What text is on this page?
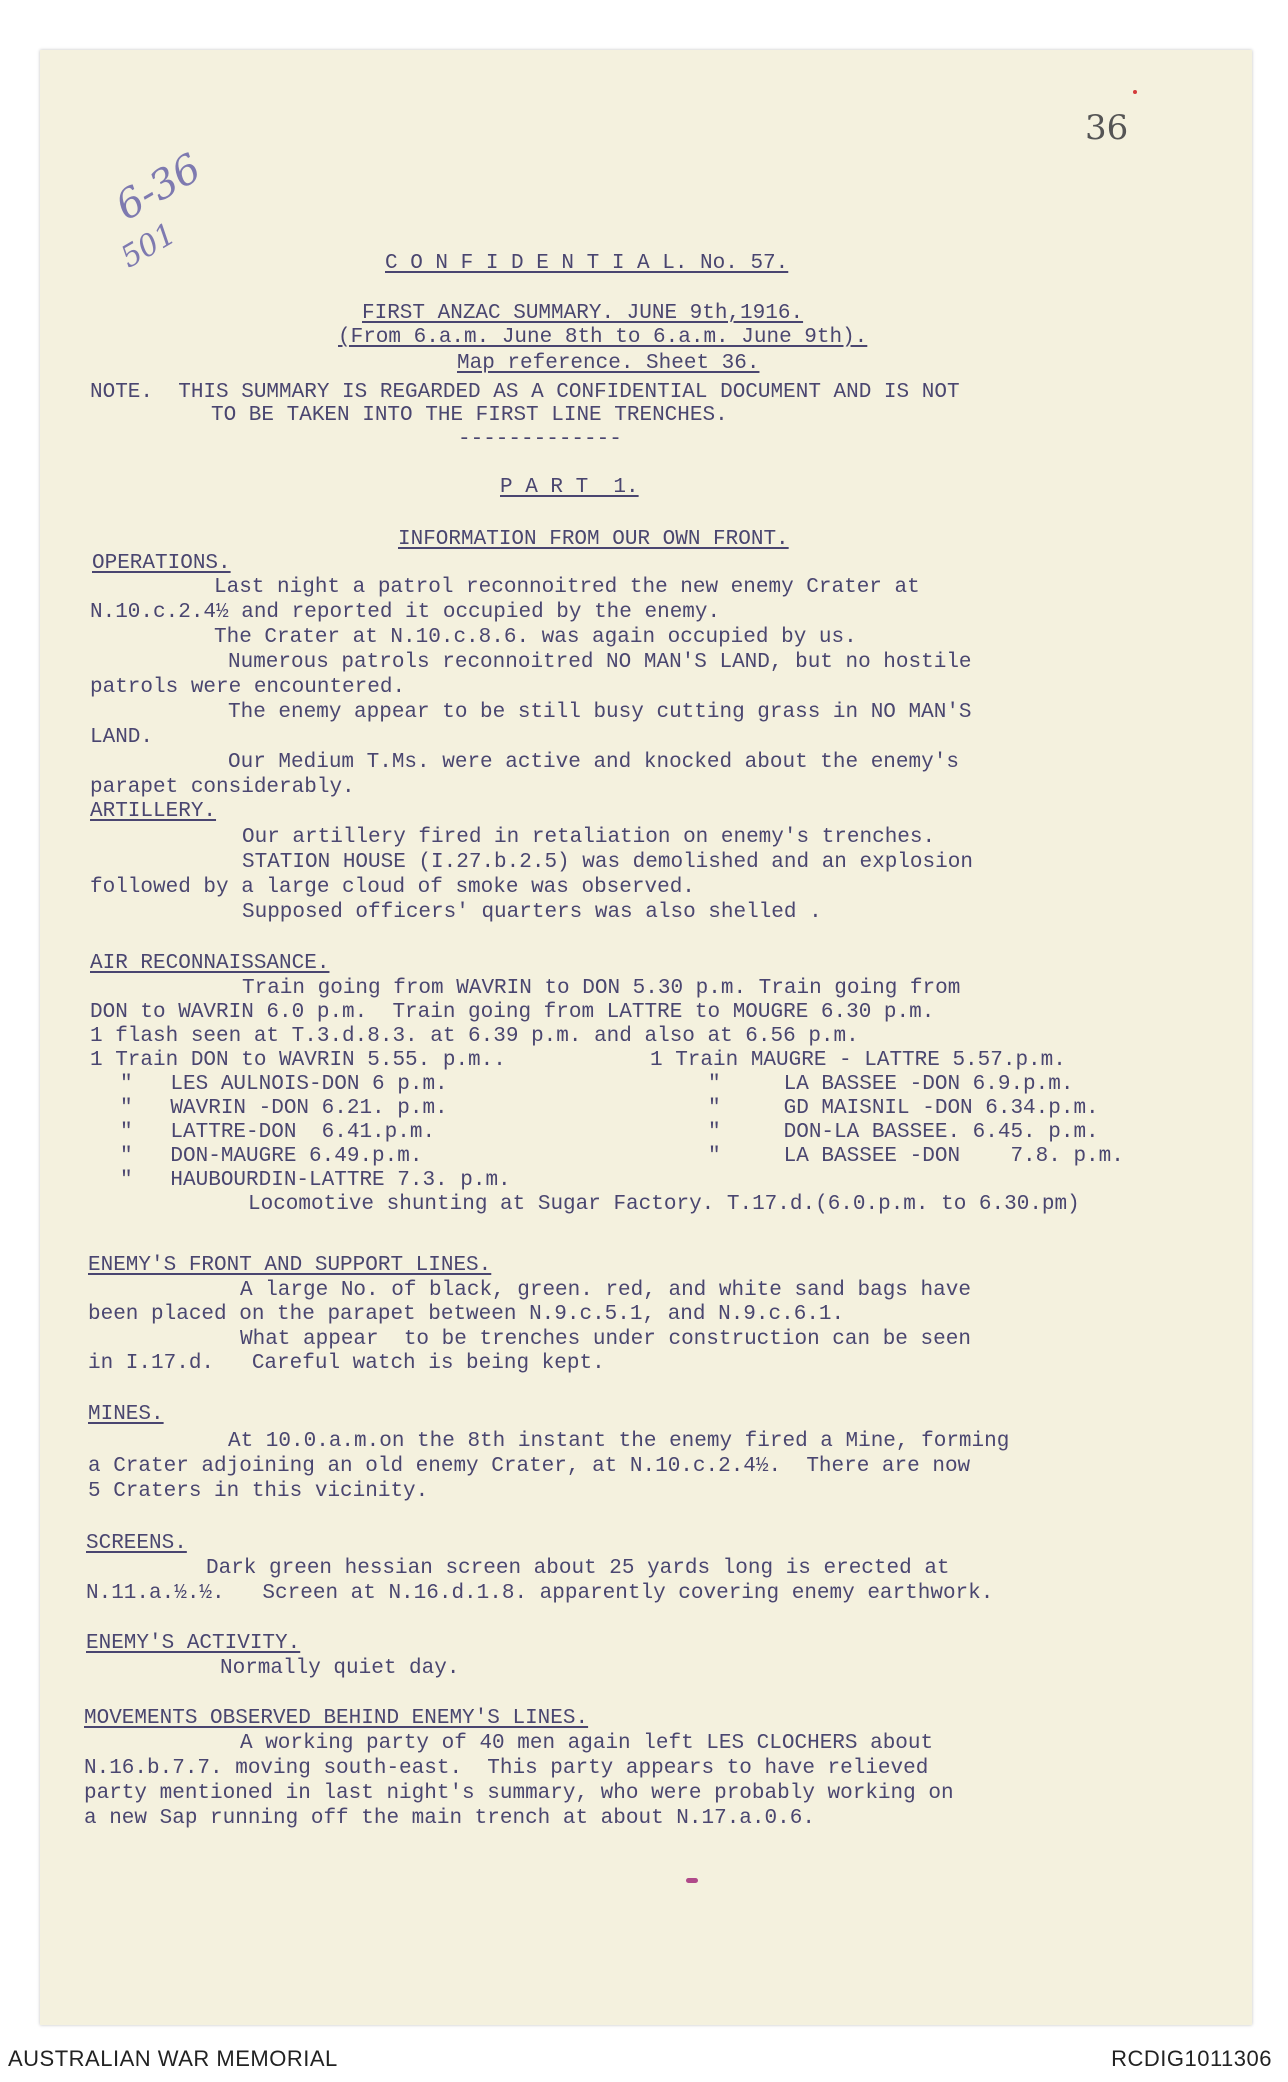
36
6-36
501	C O N F I D E N T I A L. No. 57.
FIRST ANZAC SUMMARY. JUNE 9th,1916.
(From 6.a.m. June 8th to 6.a.m. June 9th).
Map reference. Sheet 36.
NOTE.  THIS SUMMARY IS REGARDED AS A CONFIDENTIAL DOCUMENT AND IS NOT
TO BE TAKEN INTO THE FIRST LINE TRENCHES.
-------------
P A R T  1.
INFORMATION FROM OUR OWN FRONT.
OPERATIONS.
Last night a patrol reconnoitred the new enemy Crater at
N.10.c.2.4½ and reported it occupied by the enemy.
The Crater at N.10.c.8.6. was again occupied by us.
Numerous patrols reconnoitred NO MAN'S LAND, but no hostile
patrols were encountered.
The enemy appear to be still busy cutting grass in NO MAN'S
LAND.
Our Medium T.Ms. were active and knocked about the enemy's
parapet considerably.
ARTILLERY.
Our artillery fired in retaliation on enemy's trenches.
STATION HOUSE (I.27.b.2.5) was demolished and an explosion
followed by a large cloud of smoke was observed.
Supposed officers' quarters was also shelled .
AIR RECONNAISSANCE.
Train going from WAVRIN to DON 5.30 p.m. Train going from
DON to WAVRIN 6.0 p.m.  Train going from LATTRE to MOUGRE 6.30 p.m.
1 flash seen at T.3.d.8.3. at 6.39 p.m. and also at 6.56 p.m.
1 Train DON to WAVRIN 5.55. p.m..
"   LES AULNOIS-DON 6 p.m.
"   WAVRIN -DON 6.21. p.m.
"   LATTRE-DON  6.41.p.m.
"   DON-MAUGRE 6.49.p.m.
"   HAUBOURDIN-LATTRE 7.3. p.m.
1 Train MAUGRE - LATTRE 5.57.p.m.
"     LA BASSEE -DON 6.9.p.m.
"     GD MAISNIL -DON 6.34.p.m.
"     DON-LA BASSEE. 6.45. p.m.
"     LA BASSEE -DON    7.8. p.m.
Locomotive shunting at Sugar Factory. T.17.d.(6.0.p.m. to 6.30.pm)
ENEMY'S FRONT AND SUPPORT LINES.
A large No. of black, green. red, and white sand bags have
been placed on the parapet between N.9.c.5.1, and N.9.c.6.1.
What appear  to be trenches under construction can be seen
in I.17.d.   Careful watch is being kept.
MINES.
At 10.0.a.m.on the 8th instant the enemy fired a Mine, forming
a Crater adjoining an old enemy Crater, at N.10.c.2.4½.  There are now
5 Craters in this vicinity.
SCREENS.
Dark green hessian screen about 25 yards long is erected at
N.11.a.½.½.   Screen at N.16.d.1.8. apparently covering enemy earthwork.
ENEMY'S ACTIVITY.
Normally quiet day.
MOVEMENTS OBSERVED BEHIND ENEMY'S LINES.
A working party of 40 men again left LES CLOCHERS about
N.16.b.7.7. moving south-east.  This party appears to have relieved
party mentioned in last night's summary, who were probably working on
a new Sap running off the main trench at about N.17.a.0.6.
AUSTRALIAN WAR MEMORIAL	RCDIG1011306
